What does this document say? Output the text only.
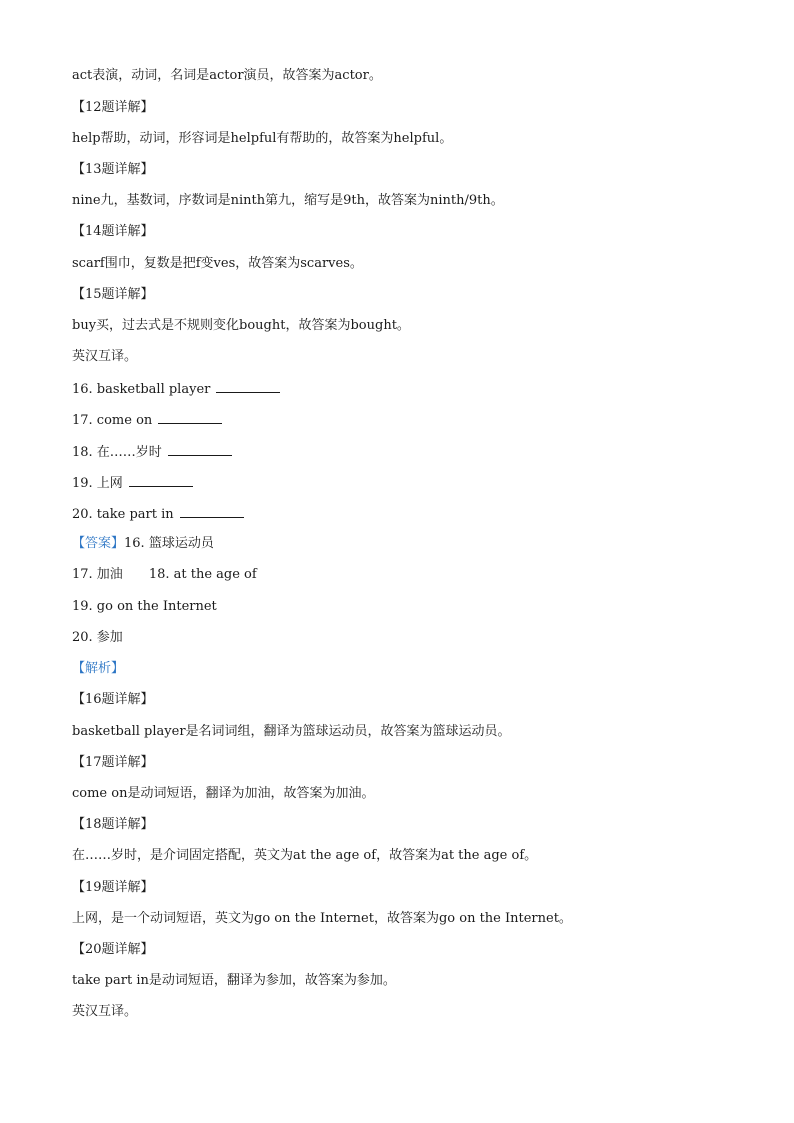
act表演，动词，名词是actor演员，故答案为actor。
【12题详解】
help帮助，动词，形容词是helpful有帮助的，故答案为helpful。
【13题详解】
nine九，基数词，序数词是ninth第九，缩写是9th，故答案为ninth/9th。
【14题详解】
scarf围巾，复数是把f变ves，故答案为scarves。
【15题详解】
buy买，过去式是不规则变化bought，故答案为bought。
英汉互译。
16. basketball player
17. come on
18. 在……岁时
19. 上网
20. take part in
【答案】16. 篮球运动员
17. 加油 18. at the age of
19. go on the Internet
20. 参加
【解析】
【16题详解】
basketball player是名词词组，翻译为篮球运动员，故答案为篮球运动员。
【17题详解】
come on是动词短语，翻译为加油，故答案为加油。
【18题详解】
在……岁时，是介词固定搭配，英文为at the age of，故答案为at the age of。
【19题详解】
上网，是一个动词短语，英文为go on the Internet，故答案为go on the Internet。
【20题详解】
take part in是动词短语，翻译为参加，故答案为参加。
英汉互译。
